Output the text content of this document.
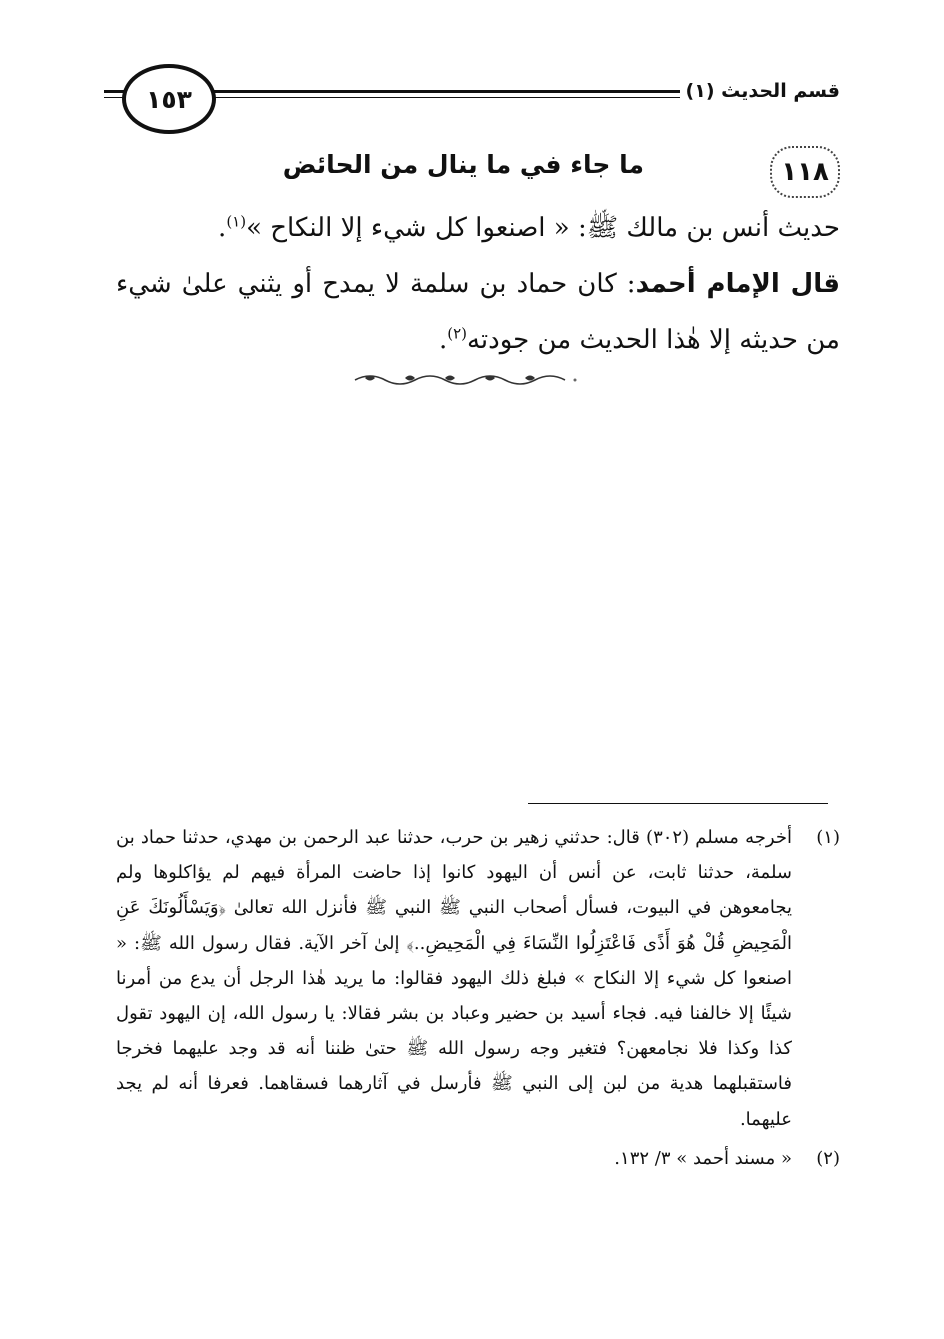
قسم الحديث (١)
١٥٣
١١٨
ما جاء في ما ينال من الحائض

حديث أنس بن مالك ﷺ: « اصنعوا كل شيء إلا النكاح »$^{(١)}$.

قال الإمام أحمد: كان حماد بن سلمة لا يمدح أو يثني علىٰ شيء من حديثه إلا هٰذا الحديث من جودته$^{(٢)}$.

(١)
أخرجه مسلم (٣٠٢) قال: حدثني زهير بن حرب، حدثنا عبد الرحمن بن مهدي، حدثنا حماد بن سلمة، حدثنا ثابت، عن أنس أن اليهود كانوا إذا حاضت المرأة فيهم لم يؤاكلوها ولم يجامعوهن في البيوت، فسأل أصحاب النبي ﷺ النبي ﷺ فأنزل الله تعالىٰ ﴿وَيَسْأَلُونَكَ عَنِ الْمَحِيضِ قُلْ هُوَ أَذًى فَاعْتَزِلُوا النِّسَاءَ فِي الْمَحِيضِ..﴾ إلىٰ آخر الآية. فقال رسول الله ﷺ: « اصنعوا كل شيء إلا النكاح » فبلغ ذلك اليهود فقالوا: ما يريد هٰذا الرجل أن يدع من أمرنا شيئًا إلا خالفنا فيه. فجاء أسيد بن حضير وعباد بن بشر فقالا: يا رسول الله، إن اليهود تقول كذا وكذا فلا نجامعهن؟ فتغير وجه رسول الله ﷺ حتىٰ ظننا أنه قد وجد عليهما فخرجا فاستقبلهما هدية من لبن إلى النبي ﷺ فأرسل في آثارهما فسقاهما. فعرفا أنه لم يجد عليهما.
(٢)
« مسند أحمد » ٣/ ١٣٢.
